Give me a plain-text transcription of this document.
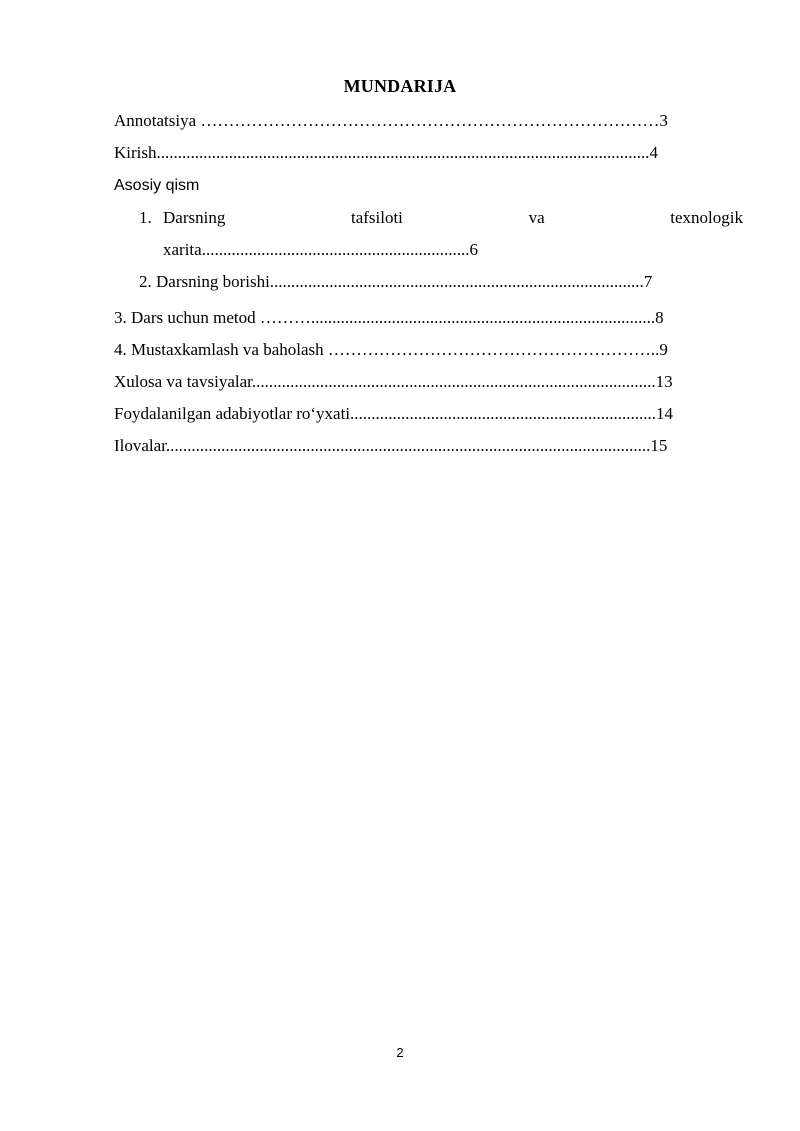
MUNDARIJA
Annotatsiya ………………………………………………………………………3
Kirish....................................................................................................................4
Asosiy qism
1. Darsning	tafsiloti	va	texnologik
xarita...............................................................6
2. Darsning borishi........................................................................................7
3. Dars uchun metod ……….................................................................................8
4. Mustaxkamlash va baholash …………………………………………………..9
Xulosa va tavsiyalar...............................................................................................13
Foydalanilgan adabiyotlar ro‘yxati........................................................................14
Ilovalar..................................................................................................................15
2
